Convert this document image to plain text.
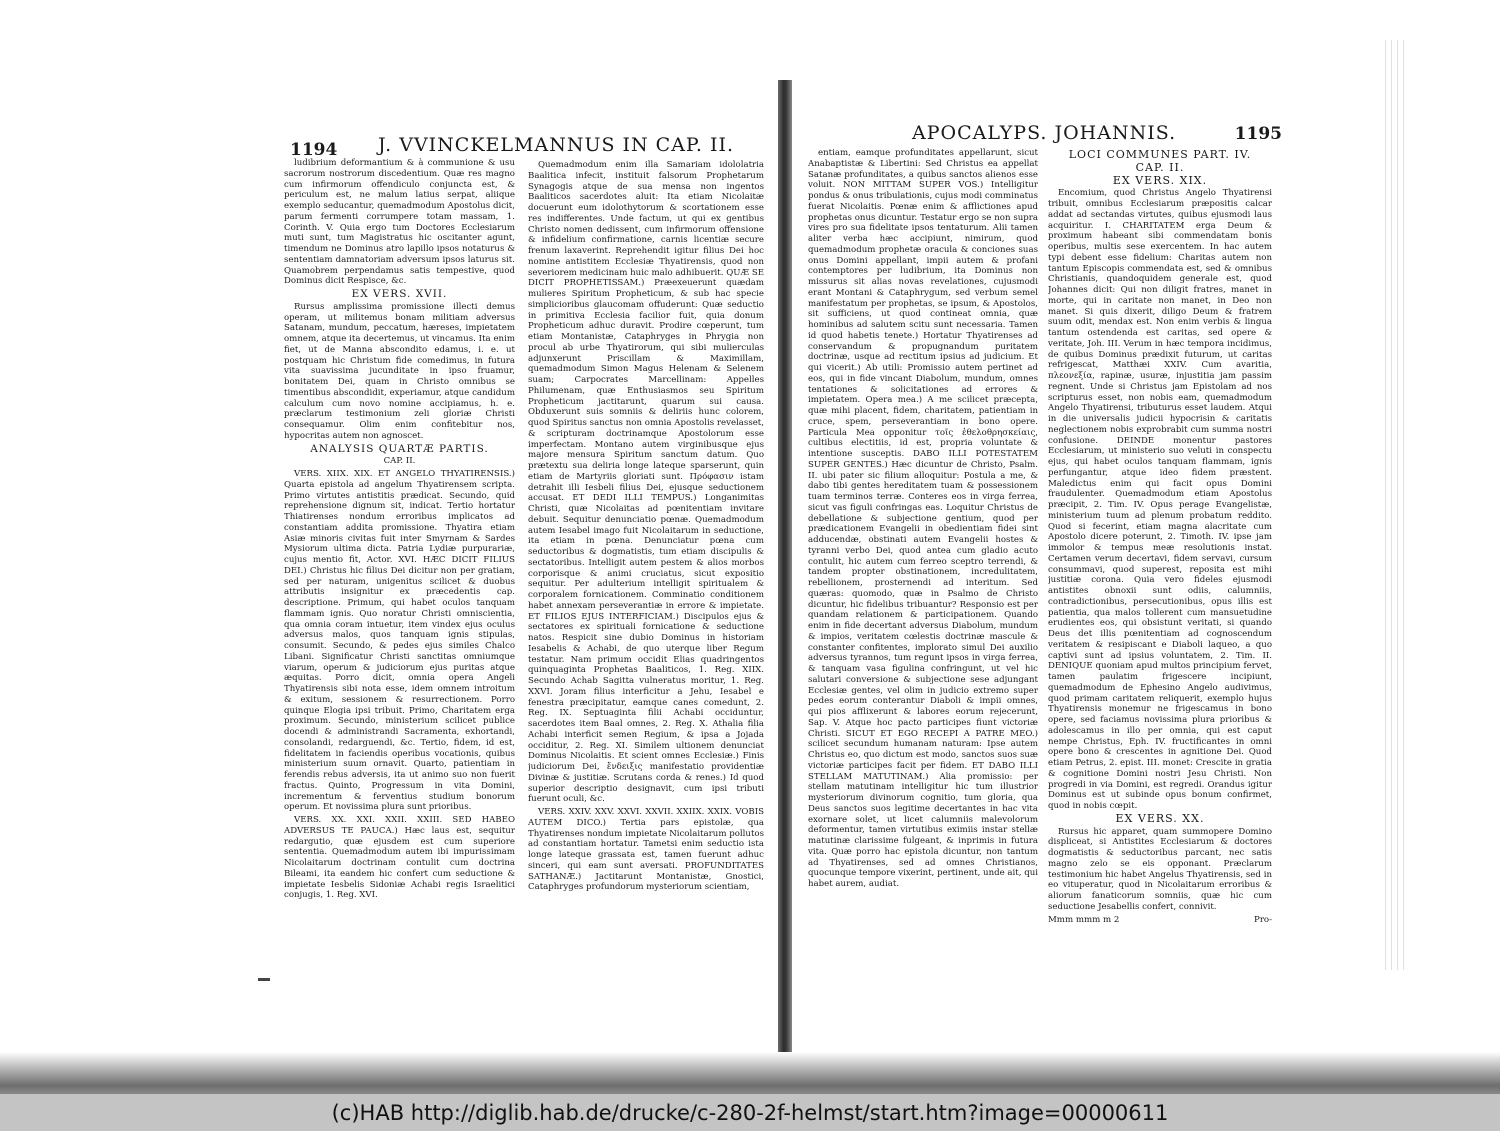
1194 J. VVINCKELMANNUS IN CAP. II.

ludibrium deformantium & à communione & usu sacrorum nostrorum discedentium. Quæ res magno cum infirmorum offendiculo conjuncta est, & periculum est, ne malum latius serpat, aliique exemplo seducantur, quemadmodum Apostolus dicit, parum fermenti corrumpere totam massam, 1. Corinth. V. Quia ergo tum Doctores Ecclesiarum muti sunt, tum Magistratus hic oscitanter agunt, timendum ne Dominus atro lapillo ipsos notaturus & sententiam damnatoriam adversum ipsos laturus sit. Quamobrem perpendamus satis tempestive, quod Dominus dicit Respisce, &c.

EX VERS. XVII.

Rursus amplissima promissione illecti demus operam, ut militemus bonam militiam adversus Satanam, mundum, peccatum, hæreses, impietatem omnem, atque ita decertemus, ut vincamus. Ita enim fiet, ut de Manna abscondito edamus, i. e. ut postquam hic Christum fide comedimus, in futura vita suavissima jucunditate in ipso fruamur, bonitatem Dei, quam in Christo omnibus se timentibus abscondidit, experiamur, atque candidum calculum cum novo nomine accipiamus, h. e. præclarum testimonium zeli gloriæ Christi consequamur. Olim enim confitebitur nos, hypocritas autem non agnoscet.

ANALYSIS QUARTÆ PARTIS.

CAP. II.

VERS. XIIX. XIX. ET ANGELO THYATIRENSIS.) Quarta epistola ad angelum Thyatirensem scripta. Primo virtutes antistitis prædicat. Secundo, quid reprehensione dignum sit, indicat. Tertio hortatur Thiatirenses nondum erroribus implicatos ad constantiam addita promissione. Thyatira etiam Asiæ minoris civitas fuit inter Smyrnam & Sardes Mysiorum ultima dicta. Patria Lydiæ purpurariæ, cujus mentio fit, Actor. XVI. HÆC DICIT FILIUS DEI.) Christus hic filius Dei dicitur non per gratiam, sed per naturam, unigenitus scilicet & duobus attributis insignitur ex præcedentis cap. descriptione. Primum, qui habet oculos tanquam flammam ignis. Quo noratur Christi omniscientia, qua omnia coram intuetur, item vindex ejus oculus adversus malos, quos tanquam ignis stipulas, consumit. Secundo, & pedes ejus similes Chalco Libani. Significatur Christi sanctitas omniumque viarum, operum & judiciorum ejus puritas atque æquitas. Porro dicit, omnia opera Angeli Thyatirensis sibi nota esse, idem omnem introitum & exitum, sessionem & resurrectionem. Porro quinque Elogia ipsi tribuit. Primo, Charitatem erga proximum. Secundo, ministerium scilicet publice docendi & administrandi Sacramenta, exhortandi, consolandi, redarguendi, &c. Tertio, fidem, id est, fidelitatem in faciendis operibus vocationis, quibus ministerium suum ornavit. Quarto, patientiam in ferendis rebus adversis, ita ut animo suo non fuerit fractus. Quinto, Progressum in vita Domini, incrementum & ferventius studium bonorum operum. Et novissima plura sunt prioribus.

VERS. XX. XXI. XXII. XXIII. SED HABEO ADVERSUS TE PAUCA.) Hæc laus est, sequitur redargutio, quæ ejusdem est cum superiore sententia. Quemadmodum autem ibi impurissimam Nicolaitarum doctrinam contulit cum doctrina Bileami, ita eandem hic confert cum seductione & impietate Iesbelis Sidoniæ Achabi regis Israelitici conjugis, 1. Reg. XVI.

Quemadmodum enim illa Samariam idololatria Baalitica infecit, instituit falsorum Prophetarum Synagogis atque de sua mensa non ingentos Baaliticos sacerdotes aluit: Ita etiam Nicolaitæ docuerunt eum idolothytorum & scortationem esse res indifferentes. Unde factum, ut qui ex gentibus Christo nomen dedissent, cum infirmorum offensione & infidelium confirmatione, carnis licentiæ secure frenum laxaverint. Reprehendit igitur filius Dei hoc nomine antistitem Ecclesiæ Thyatirensis, quod non severiorem medicinam huic malo adhibuerit. QUÆ SE DICIT PROPHETISSAM.) Præexeuerunt quædam mulieres Spiritum Propheticum, & sub hac specie simplicioribus glaucomam offuderunt: Quæ seductio in primitiva Ecclesia facilior fuit, quia donum Propheticum adhuc duravit. Prodire cœperunt, tum etiam Montanistæ, Cataphryges in Phrygia non procul ab urbe Thyatirorum, qui sibi mulierculas adjunxerunt Priscillam & Maximillam, quemadmodum Simon Magus Helenam & Selenem suam; Carpocrates Marcellinam: Appelles Philumenam, quæ Enthusiasmos seu Spiritum Propheticum jactitarunt, quarum sui causa. Obduxerunt suis somniis & deliriis hunc colorem, quod Spiritus sanctus non omnia Apostolis revelasset, & scripturam doctrinamque Apostolorum esse imperfectam. Montano autem virginibusque ejus majore mensura Spiritum sanctum datum. Quo prætextu sua deliria longe lateque sparserunt, quin etiam de Martyriis gloriati sunt. Πρόφασιν istam detrahit illi Iesbeli filius Dei, ejusque seductionem accusat. ET DEDI ILLI TEMPUS.) Longanimitas Christi, quæ Nicolaitas ad pœnitentiam invitare debuit. Sequitur denunciatio pœnæ. Quemadmodum autem Iesabel imago fuit Nicolaitarum in seductione, ita etiam in pœna. Denunciatur pœna cum seductoribus & dogmatistis, tum etiam discipulis & sectatoribus. Intelligit autem pestem & alios morbos corporisque & animi cruciatus, sicut expositio sequitur. Per adulterium intelligit spiritualem & corporalem fornicationem. Comminatio conditionem habet annexam perseverantiæ in errore & impietate. ET FILIOS EJUS INTERFICIAM.) Discipulos ejus & sectatores ex spirituali fornicatione & seductione natos. Respicit sine dubio Dominus in historiam Iesabelis & Achabi, de quo uterque liber Regum testatur. Nam primum occidit Elias quadringentos quinquaginta Prophetas Baaliticos, 1. Reg. XIIX. Secundo Achab Sagitta vulneratus moritur, 1. Reg. XXVI. Joram filius interficitur a Jehu, Iesabel e fenestra præcipitatur, eamque canes comedunt, 2. Reg. IX. Septuaginta filii Achabi occiduntur, sacerdotes item Baal omnes, 2. Reg. X. Athalia filia Achabi interficit semen Regium, & ipsa a Jojada occiditur, 2. Reg. XI. Similem ultionem denunciat Dominus Nicolaitis. Et scient omnes Ecclesiæ.) Finis judiciorum Dei, ἔνδειξις manifestatio providentiæ Divinæ & justitiæ. Scrutans corda & renes.) Id quod superior descriptio designavit, cum ipsi tributi fuerunt oculi, &c.

VERS. XXIV. XXV. XXVI. XXVII. XXIIX. XXIX. VOBIS AUTEM DICO.) Tertia pars epistolæ, qua Thyatirenses nondum impietate Nicolaitarum pollutos ad constantiam hortatur. Tametsi enim seductio ista longe lateque grassata est, tamen fuerunt adhuc sinceri, qui eam sunt aversati. PROFUNDITATES SATHANÆ.) Jactitarunt Montanistæ, Gnostici, Cataphryges profundorum mysteriorum scientiam,

APOCALYPS. JOHANNIS.	1195

entiam, eamque profunditates appellarunt, sicut Anabaptistæ & Libertini: Sed Christus ea appellat Satanæ profunditates, a quibus sanctos alienos esse voluit. NON MITTAM SUPER VOS.) Intelligitur pondus & onus tribulationis, cujus modi comminatus fuerat Nicolaitis. Pœnæ enim & afflictiones apud prophetas onus dicuntur. Testatur ergo se non supra vires pro sua fidelitate ipsos tentaturum. Alii tamen aliter verba hæc accipiunt, nimirum, quod quemadmodum prophetæ oracula & conciones suas onus Domini appellant, impii autem & profani contemptores per ludibrium, ita Dominus non missurus sit alias novas revelationes, cujusmodi erant Montani & Cataphrygum, sed verbum semel manifestatum per prophetas, se ipsum, & Apostolos, sit sufficiens, ut quod contineat omnia, quæ hominibus ad salutem scitu sunt necessaria. Tamen id quod habetis tenete.) Hortatur Thyatirenses ad conservandum & propugnandum puritatem doctrinæ, usque ad rectitum ipsius ad judicium. Et qui vicerit.) Ab utili: Promissio autem pertinet ad eos, qui in fide vincant Diabolum, mundum, omnes tentationes & solicitationes ad errores & impietatem. Opera mea.) A me scilicet præcepta, quæ mihi placent, fidem, charitatem, patientiam in cruce, spem, perseverantiam in bono opere. Particula Mea opponitur τοῖς ἐθελοθρησκείαις, cultibus electitiis, id est, propria voluntate & intentione susceptis. DABO ILLI POTESTATEM SUPER GENTES.) Hæc dicuntur de Christo, Psalm. II. ubi pater sic filium alloquitur: Postula a me, & dabo tibi gentes hereditatem tuam & possessionem tuam terminos terræ. Conteres eos in virga ferrea, sicut vas figuli confringas eas. Loquitur Christus de debellatione & subjectione gentium, quod per prædicationem Evangelii in obedientiam fidei sint adducendæ, obstinati autem Evangelii hostes & tyranni verbo Dei, quod antea cum gladio acuto contulit, hic autem cum ferreo sceptro terrendi, & tandem propter obstinationem, incredulitatem, rebellionem, prosternendi ad interitum. Sed quæras: quomodo, quæ in Psalmo de Christo dicuntur, hic fidelibus tribuantur? Responsio est per quandam relationem & participationem. Quando enim in fide decertant adversus Diabolum, mundum & impios, veritatem cœlestis doctrinæ mascule & constanter confitentes, implorato simul Dei auxilio adversus tyrannos, tum regunt ipsos in virga ferrea, & tanquam vasa figulina confringunt, ut vel hic salutari conversione & subjectione sese adjungant Ecclesiæ gentes, vel olim in judicio extremo super pedes eorum conterantur Diaboli & impii omnes, qui pios afflixerunt & labores eorum rejecerunt, Sap. V. Atque hoc pacto participes fiunt victoriæ Christi. SICUT ET EGO RECEPI A PATRE MEO.) scilicet secundum humanam naturam: Ipse autem Christus eo, quo dictum est modo, sanctos suos suæ victoriæ participes facit per fidem. ET DABO ILLI STELLAM MATUTINAM.) Alia promissio: per stellam matutinam intelligitur hic tum illustrior mysteriorum divinorum cognitio, tum gloria, qua Deus sanctos suos legitime decertantes in hac vita exornare solet, ut licet calumniis malevolorum deformentur, tamen virtutibus eximiis instar stellæ matutinæ clarissime fulgeant, & inprimis in futura vita. Quæ porro hac epistola dicuntur, non tantum ad Thyatirenses, sed ad omnes Christianos, quocunque tempore vixerint, pertinent, unde ait, qui habet aurem, audiat.

LOCI COMMUNES PART. IV.

CAP. II.

EX VERS. XIX.

Encomium, quod Christus Angelo Thyatirensi tribuit, omnibus Ecclesiarum præpositis calcar addat ad sectandas virtutes, quibus ejusmodi laus acquiritur. I. CHARITATEM erga Deum & proximum habeant sibi commendatam bonis operibus, multis sese exercentem. In hac autem typi debent esse fidelium: Charitas autem non tantum Episcopis commendata est, sed & omnibus Christianis, quandoquidem generale est, quod Johannes dicit: Qui non diligit fratres, manet in morte, qui in caritate non manet, in Deo non manet. Si quis dixerit, diligo Deum & fratrem suum odit, mendax est. Non enim verbis & lingua tantum ostendenda est caritas, sed opere & veritate, Joh. III. Verum in hæc tempora incidimus, de quibus Dominus prædixit futurum, ut caritas refrigescat, Matthæi XXIV. Cum avaritia, πλεονεξία, rapinæ, usuræ, injustitia jam passim regnent. Unde si Christus jam Epistolam ad nos scripturus esset, non nobis eam, quemadmodum Angelo Thyatirensi, tributurus esset laudem. Atqui in die universalis judicii hypocrisin & caritatis neglectionem nobis exprobrabit cum summa nostri confusione. DEINDE monentur pastores Ecclesiarum, ut ministerio suo veluti in conspectu ejus, qui habet oculos tanquam flammam, ignis perfungantur, atque ideo fidem præstent. Maledictus enim qui facit opus Domini fraudulenter. Quemadmodum etiam Apostolus præcipit, 2. Tim. IV. Opus perage Evangelistæ, ministerium tuum ad plenum probatum reddito. Quod si fecerint, etiam magna alacritate cum Apostolo dicere poterunt, 2. Timoth. IV. ipse jam immolor & tempus meæ resolutionis instat. Certamen verum decertavi, fidem servavi, cursum consummavi, quod superest, reposita est mihi justitiæ corona. Quia vero fideles ejusmodi antistites obnoxii sunt odiis, calumniis, contradictionibus, persecutionibus, opus illis est patientia, qua malos tollerent cum mansuetudine erudientes eos, qui obsistunt veritati, si quando Deus det illis pœnitentiam ad cognoscendum veritatem & resipiscant e Diaboli laqueo, a quo captivi sunt ad ipsius voluntatem, 2. Tim. II. DENIQUE quoniam apud multos principium fervet, tamen paulatim frigescere incipiunt, quemadmodum de Ephesino Angelo audivimus, quod primam caritatem reliquerit, exemplo hujus Thyatirensis monemur ne frigescamus in bono opere, sed faciamus novissima plura prioribus & adolescamus in illo per omnia, qui est caput nempe Christus, Eph. IV. fructificantes in omni opere bono & crescentes in agnitione Dei. Quod etiam Petrus, 2. epist. III. monet: Crescite in gratia & cognitione Domini nostri Jesu Christi. Non progredi in via Domini, est regredi. Orandus igitur Dominus est ut subinde opus bonum confirmet, quod in nobis cœpit.

EX VERS. XX.

Rursus hic apparet, quam summopere Domino displiceat, si Antistites Ecclesiarum & doctores dogmatistis & seductoribus parcant, nec satis magno zelo se eis opponant. Præclarum testimonium hic habet Angelus Thyatirensis, sed in eo vituperatur, quod in Nicolaitarum erroribus & aliorum fanaticorum somniis, quæ hic cum seductione Jesabellis confert, connivit.

Mmm mmm m 2	Pro-
(c)HAB http://diglib.hab.de/drucke/c-280-2f-helmst/start.htm?image=00000611
